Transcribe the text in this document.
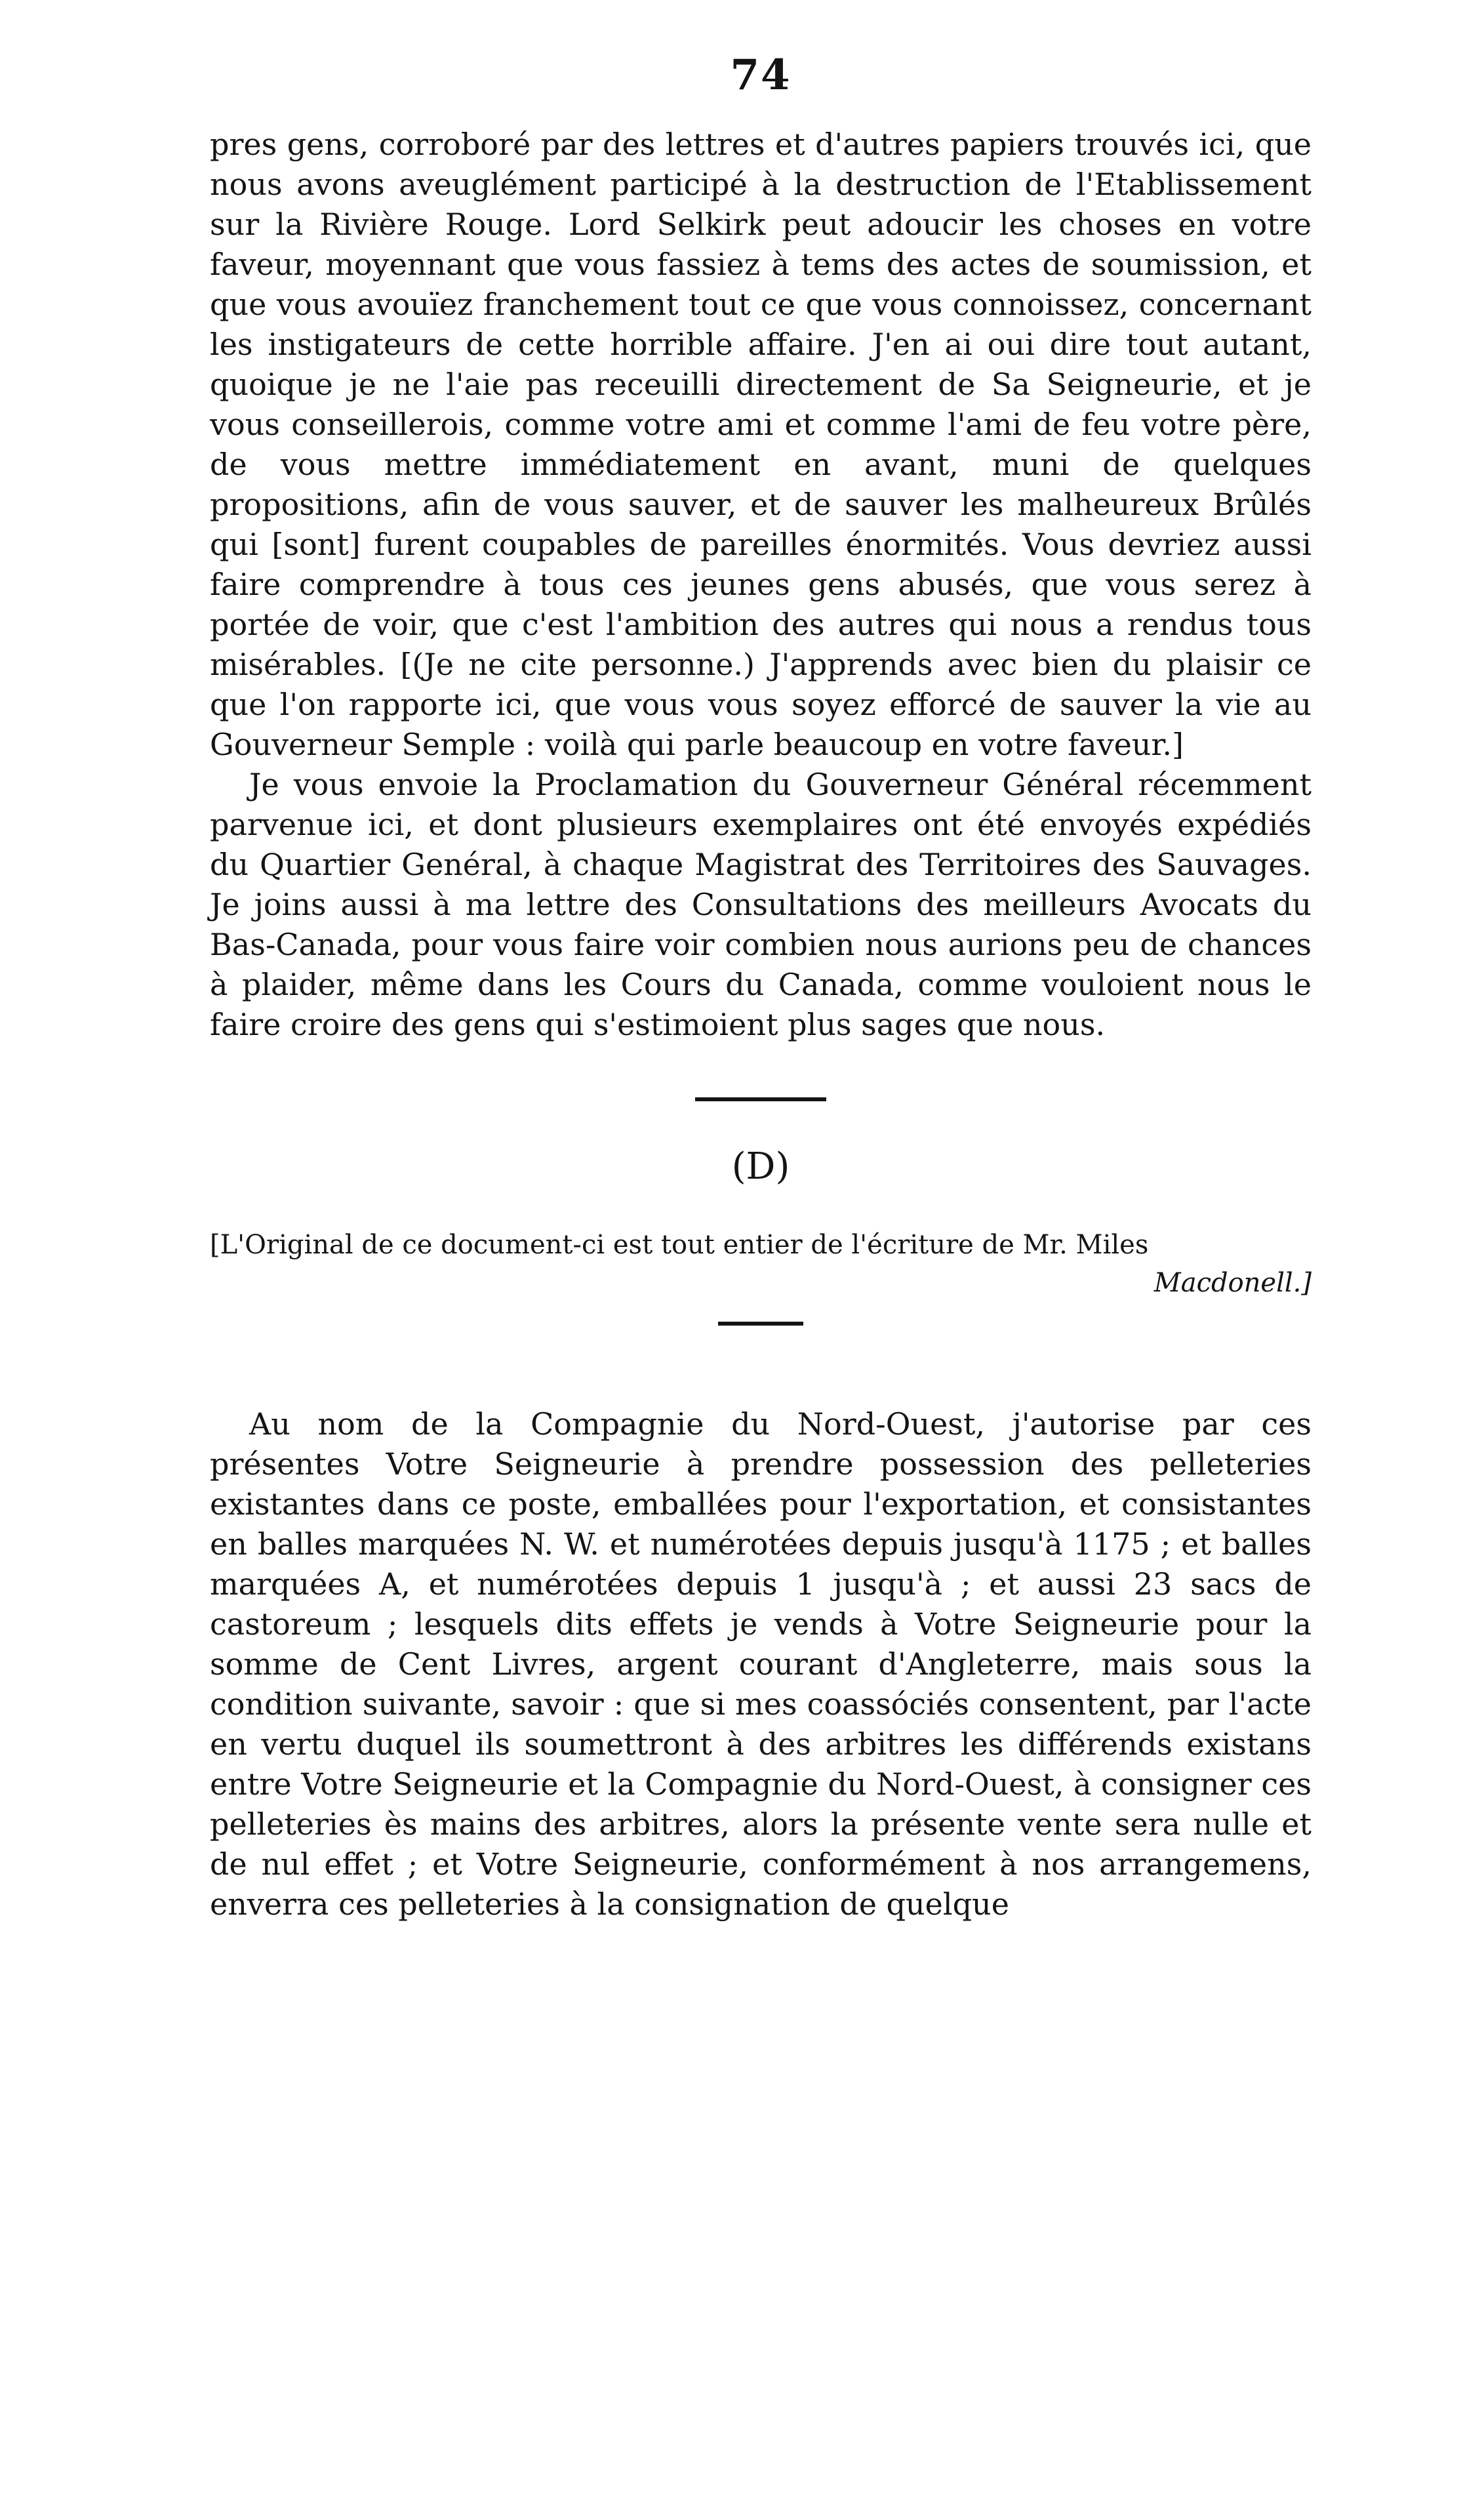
74

pres gens, corroboré par des lettres et d'autres papiers trouvés ici, que nous avons aveuglément participé à la destruction de l'Etablissement sur la Rivière Rouge. Lord Selkirk peut adoucir les choses en votre faveur, moyennant que vous fassiez à tems des actes de soumission, et que vous avouïez franchement tout ce que vous connoissez, concernant les instigateurs de cette horrible affaire. J'en ai oui dire tout autant, quoique je ne l'aie pas receuilli directement de Sa Seigneurie, et je vous conseillerois, comme votre ami et comme l'ami de feu votre père, de vous mettre immédiatement en avant, muni de quelques propositions, afin de vous sauver, et de sauver les malheureux Brûlés qui [sont] furent coupables de pareilles énormités. Vous devriez aussi faire comprendre à tous ces jeunes gens abusés, que vous serez à portée de voir, que c'est l'ambition des autres qui nous a rendus tous misérables. [(Je ne cite personne.) J'apprends avec bien du plaisir ce que l'on rapporte ici, que vous vous soyez efforcé de sauver la vie au Gouverneur Semple : voilà qui parle beaucoup en votre faveur.]

Je vous envoie la Proclamation du Gouverneur Général récemment parvenue ici, et dont plusieurs exemplaires ont été envoyés expédiés du Quartier Genéral, à chaque Magistrat des Territoires des Sauvages. Je joins aussi à ma lettre des Consultations des meilleurs Avocats du Bas-Canada, pour vous faire voir combien nous aurions peu de chances à plaider, même dans les Cours du Canada, comme vouloient nous le faire croire des gens qui s'estimoient plus sages que nous.

(D)

[L'Original de ce document-ci est tout entier de l'écriture de Mr. Miles

Macdonell.]

Au nom de la Compagnie du Nord-Ouest, j'autorise par ces présentes Votre Seigneurie à prendre possession des pelleteries existantes dans ce poste, emballées pour l'exportation, et consistantes en balles marquées N. W. et numérotées depuis jusqu'à 1175 ; et balles marquées A, et numérotées depuis 1 jusqu'à ; et aussi 23 sacs de castoreum ; lesquels dits effets je vends à Votre Seigneurie pour la somme de Cent Livres, argent courant d'Angleterre, mais sous la condition suivante, savoir : que si mes coassóciés consentent, par l'acte en vertu duquel ils soumettront à des arbitres les différends existans entre Votre Seigneurie et la Compagnie du Nord-Ouest, à consigner ces pelleteries ès mains des arbitres, alors la présente vente sera nulle et de nul effet ; et Votre Seigneurie, conformément à nos arrangemens, enverra ces pelleteries à la consignation de quelque
